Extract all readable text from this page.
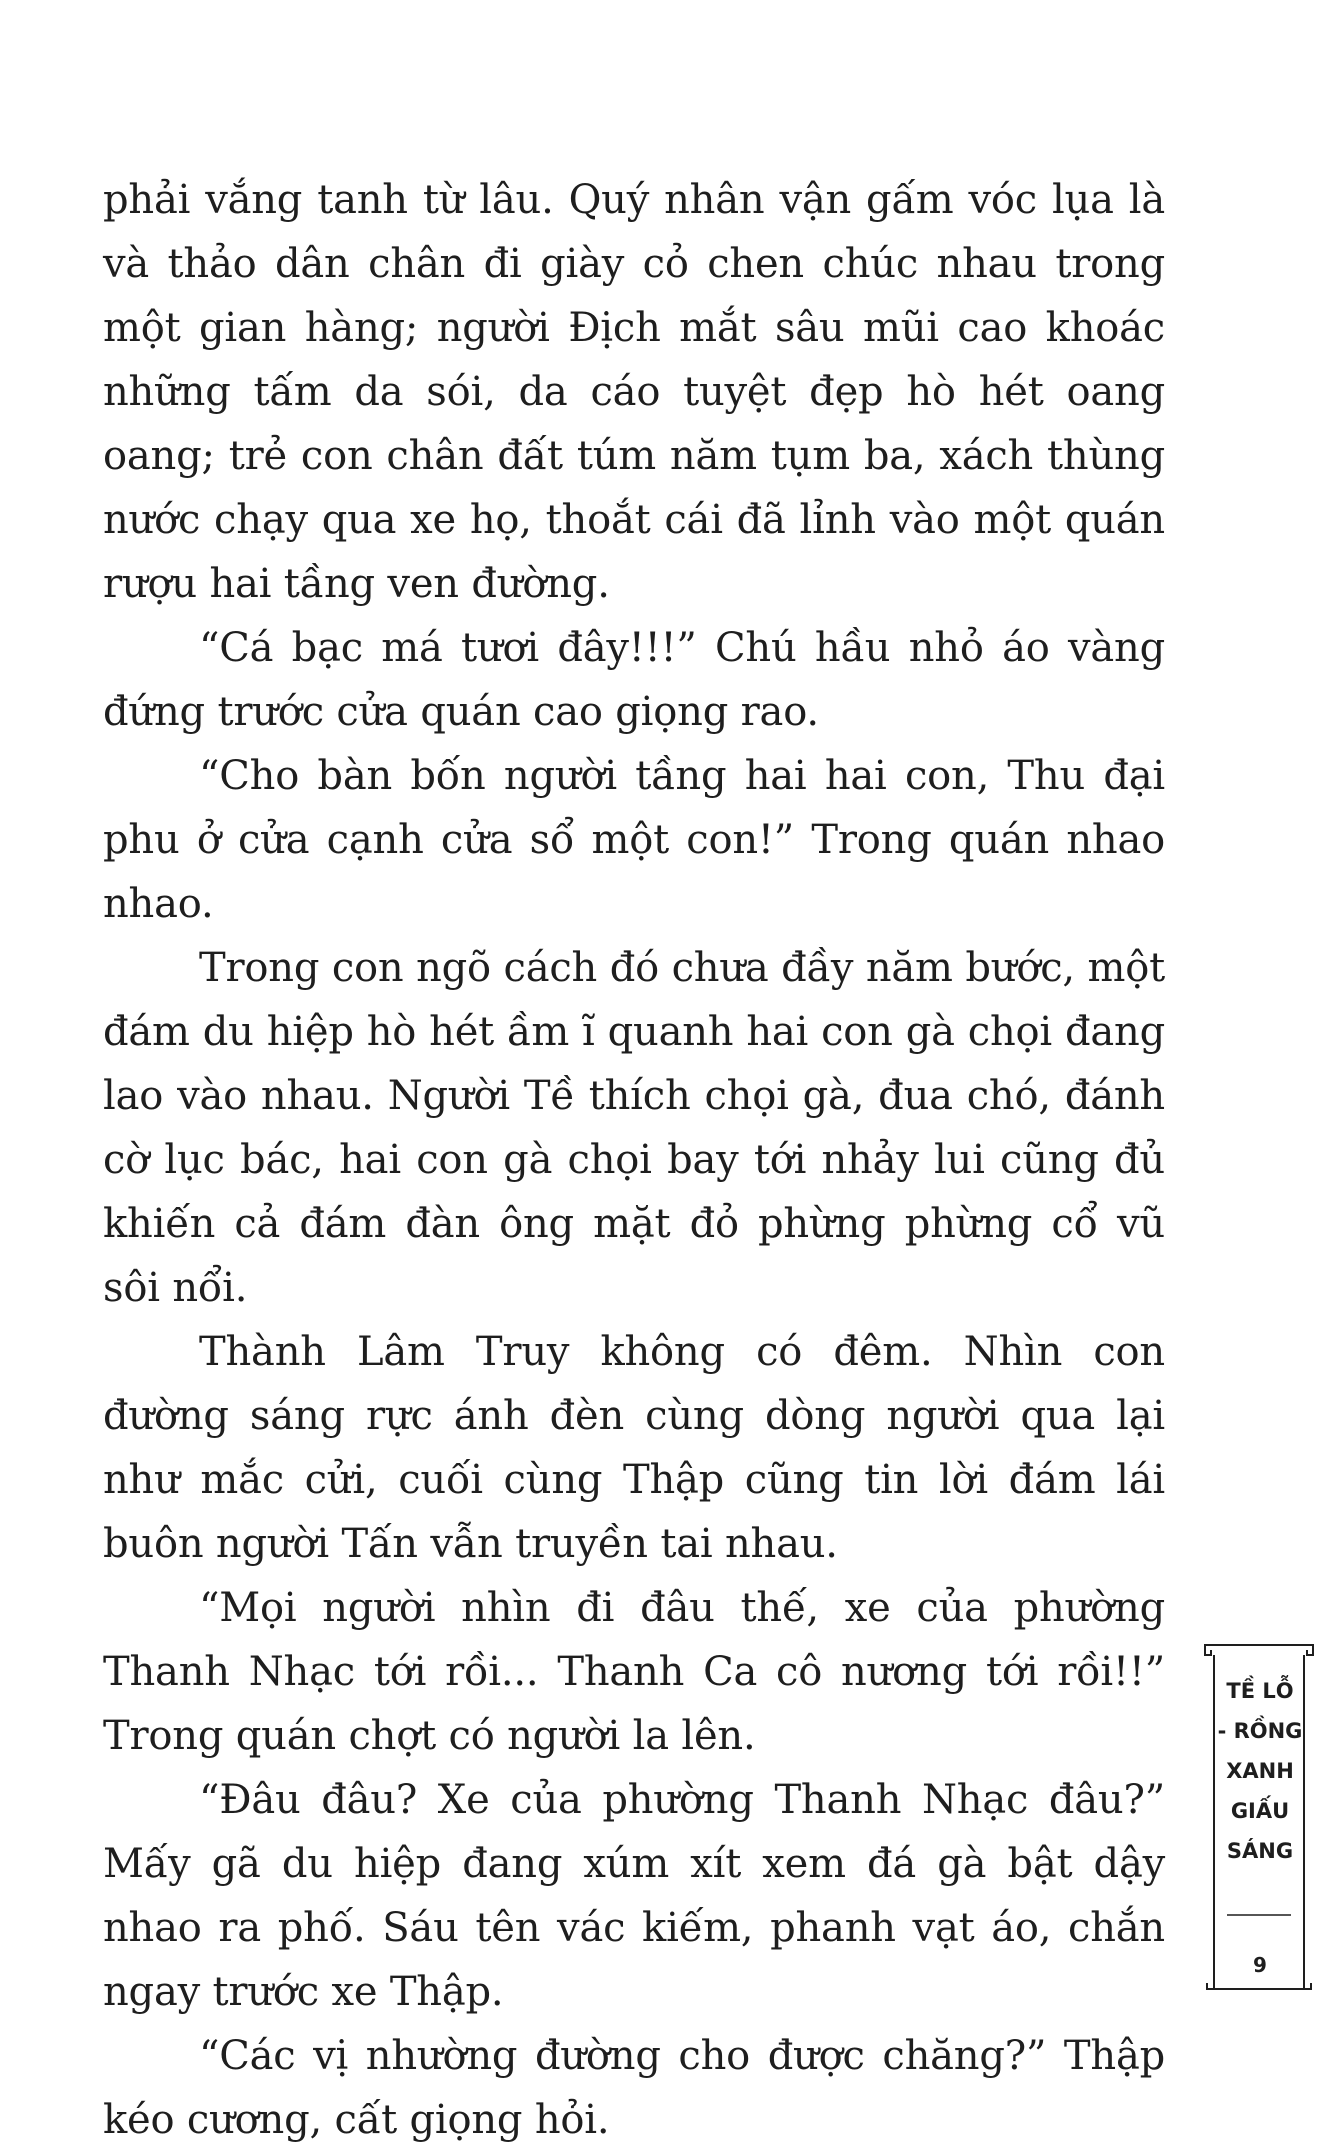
phải vắng tanh từ lâu. Quý nhân vận gấm vóc lụa là và thảo dân chân đi giày cỏ chen chúc nhau trong một gian hàng; người Địch mắt sâu mũi cao khoác những tấm da sói, da cáo tuyệt đẹp hò hét oang oang; trẻ con chân đất túm năm tụm ba, xách thùng nước chạy qua xe họ, thoắt cái đã lỉnh vào một quán rượu hai tầng ven đường.

“Cá bạc má tươi đây!!!” Chú hầu nhỏ áo vàng đứng trước cửa quán cao giọng rao.

“Cho bàn bốn người tầng hai hai con, Thu đại phu ở cửa cạnh cửa sổ một con!” Trong quán nhao nhao.

Trong con ngõ cách đó chưa đầy năm bước, một đám du hiệp hò hét ầm ĩ quanh hai con gà chọi đang lao vào nhau. Người Tề thích chọi gà, đua chó, đánh cờ lục bác, hai con gà chọi bay tới nhảy lui cũng đủ khiến cả đám đàn ông mặt đỏ phừng phừng cổ vũ sôi nổi.

Thành Lâm Truy không có đêm. Nhìn con đường sáng rực ánh đèn cùng dòng người qua lại như mắc cửi, cuối cùng Thập cũng tin lời đám lái buôn người Tấn vẫn truyền tai nhau.

“Mọi người nhìn đi đâu thế, xe của phường Thanh Nhạc tới rồi... Thanh Ca cô nương tới rồi!!” Trong quán chợt có người la lên.

“Đâu đâu? Xe của phường Thanh Nhạc đâu?” Mấy gã du hiệp đang xúm xít xem đá gà bật dậy nhao ra phố. Sáu tên vác kiếm, phanh vạt áo, chắn ngay trước xe Thập.

“Các vị nhường đường cho được chăng?” Thập kéo cương, cất giọng hỏi.

TỀ LỖ
- RỒNG
XANH
GIẤU
SÁNG
9
